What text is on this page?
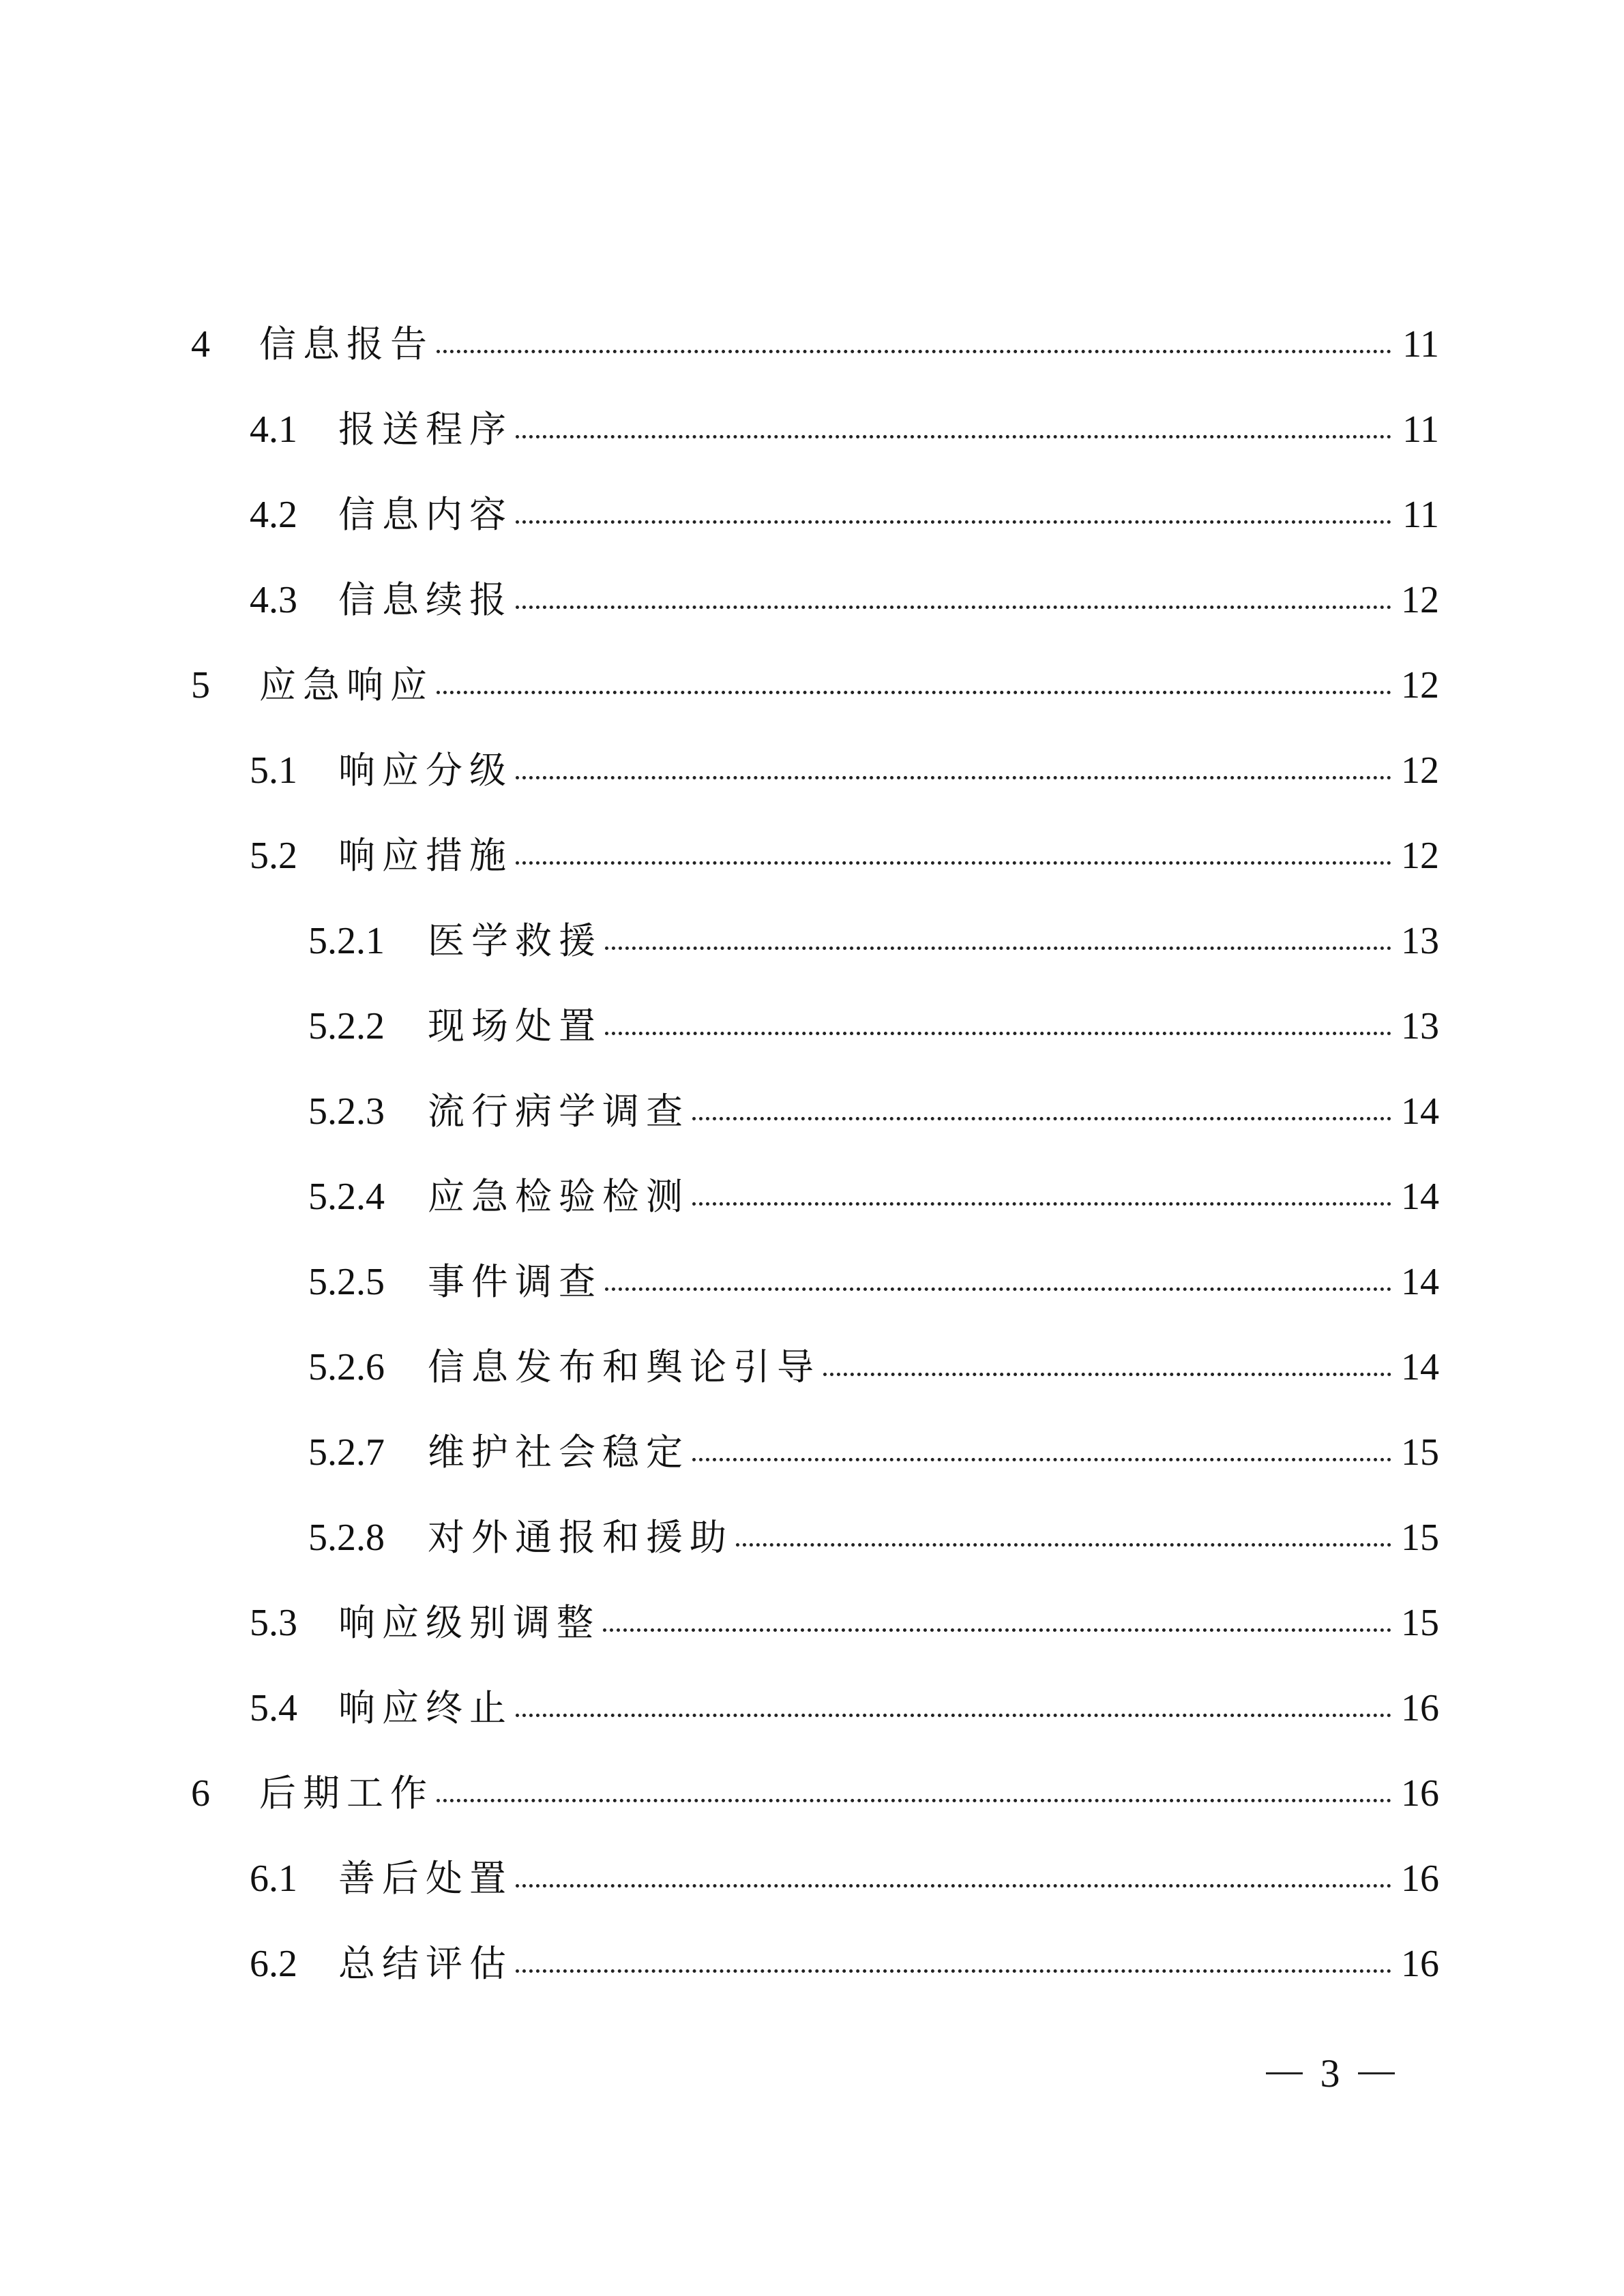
4	信息报告	11
4.1	报送程序	11
4.2	信息内容	11
4.3	信息续报	12
5	应急响应	12
5.1	响应分级	12
5.2	响应措施	12
5.2.1	医学救援	13
5.2.2	现场处置	13
5.2.3	流行病学调查	14
5.2.4	应急检验检测	14
5.2.5	事件调查	14
5.2.6	信息发布和舆论引导	14
5.2.7	维护社会稳定	15
5.2.8	对外通报和援助	15
5.3	响应级别调整	15
5.4	响应终止	16
6	后期工作	16
6.1	善后处置	16
6.2	总结评估	16
3
